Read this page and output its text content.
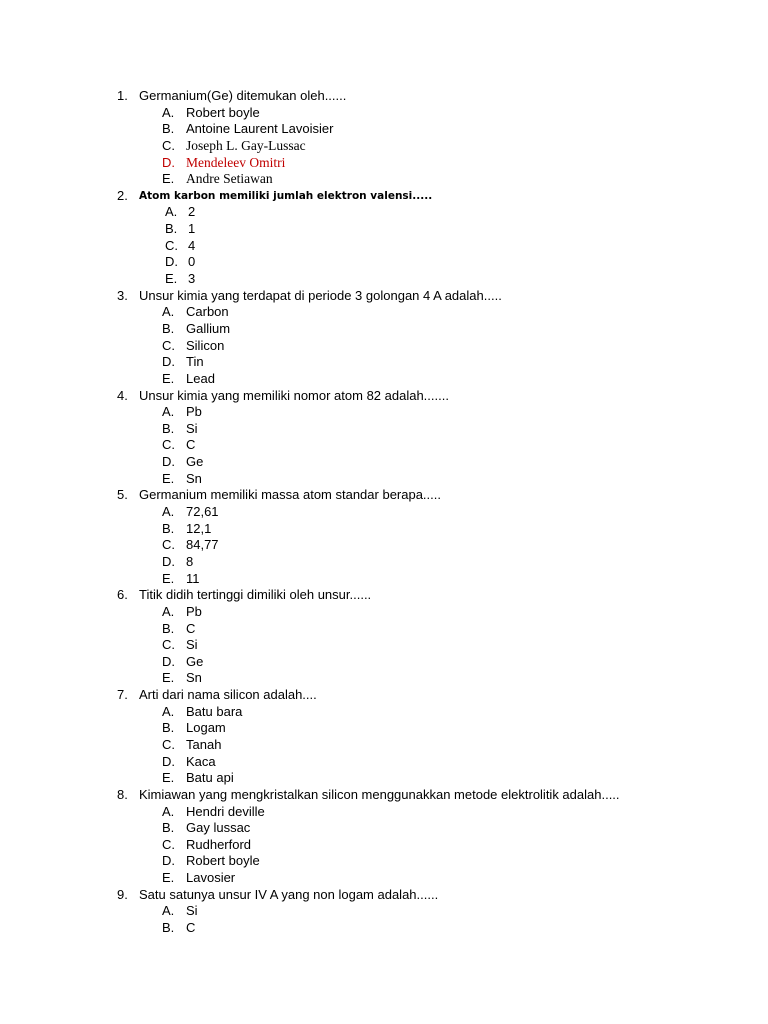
1. Germanium(Ge) ditemukan oleh......
A. Robert boyle
B. Antoine Laurent Lavoisier
C. Joseph L. Gay-Lussac
D. Mendeleev Omitri
E. Andre Setiawan
2. Atom karbon memiliki jumlah elektron valensi.....
A. 2
B. 1
C. 4
D. 0
E. 3
3. Unsur kimia yang terdapat di periode 3 golongan 4 A adalah.....
A. Carbon
B. Gallium
C. Silicon
D. Tin
E. Lead
4. Unsur kimia yang memiliki nomor atom 82 adalah.......
A. Pb
B. Si
C. C
D. Ge
E. Sn
5. Germanium memiliki massa atom standar berapa.....
A. 72,61
B. 12,1
C. 84,77
D. 8
E. 11
6. Titik didih tertinggi dimiliki oleh unsur......
A. Pb
B. C
C. Si
D. Ge
E. Sn
7. Arti dari nama silicon adalah....
A. Batu bara
B. Logam
C. Tanah
D. Kaca
E. Batu api
8. Kimiawan yang mengkristalkan silicon menggunakkan metode elektrolitik adalah.....
A. Hendri deville
B. Gay lussac
C. Rudherford
D. Robert boyle
E. Lavosier
9. Satu satunya unsur IV A yang non logam adalah......
A. Si
B. C
